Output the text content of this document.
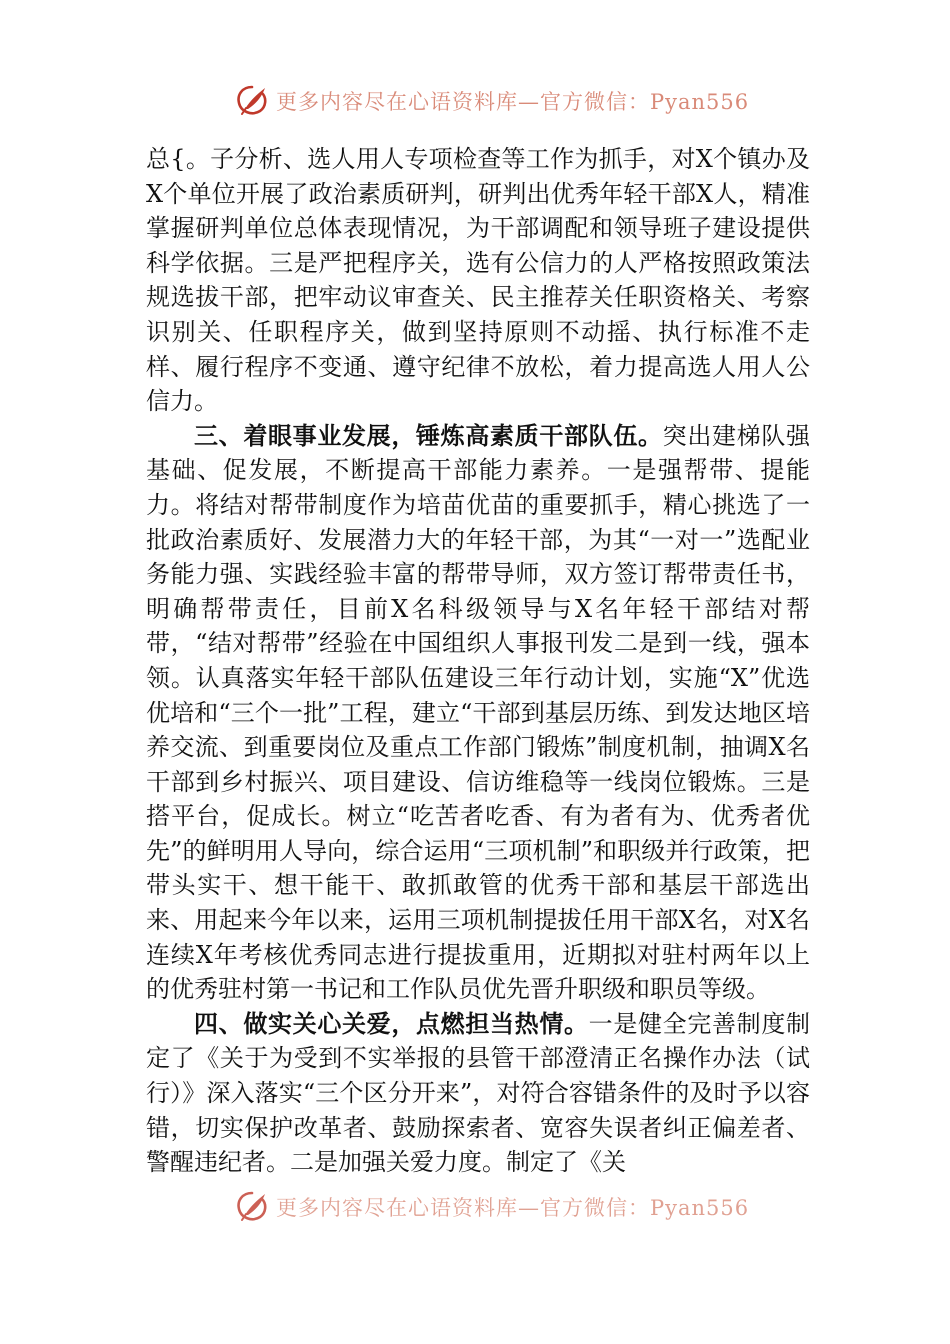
更多内容尽在心语资料库—官方微信：Pyan556

总{。子分析、选人用人专项检查等工作为抓手，对X个镇办及X个单位开展了政治素质研判，研判出优秀年轻干部X人，精准掌握研判单位总体表现情况，为干部调配和领导班子建设提供科学依据。三是严把程序关，选有公信力的人严格按照政策法规选拔干部，把牢动议审查关、民主推荐关任职资格关、考察识别关、任职程序关，做到坚持原则不动摇、执行标准不走样、履行程序不变通、遵守纪律不放松，着力提高选人用人公信力。

三、着眼事业发展，锤炼高素质干部队伍。突出建梯队强基础、促发展，不断提高干部能力素养。一是强帮带、提能力。将结对帮带制度作为培苗优苗的重要抓手，精心挑选了一批政治素质好、发展潜力大的年轻干部，为其“一对一”选配业务能力强、实践经验丰富的帮带导师，双方签订帮带责任书，明确帮带责任，目前X名科级领导与X名年轻干部结对帮带，“结对帮带”经验在中国组织人事报刊发二是到一线，强本领。认真落实年轻干部队伍建设三年行动计划，实施“X”优选优培和“三个一批”工程，建立“干部到基层历练、到发达地区培养交流、到重要岗位及重点工作部门锻炼”制度机制，抽调X名干部到乡村振兴、项目建设、信访维稳等一线岗位锻炼。三是搭平台，促成长。树立“吃苦者吃香、有为者有为、优秀者优先”的鲜明用人导向，综合运用“三项机制”和职级并行政策，把带头实干、想干能干、敢抓敢管的优秀干部和基层干部选出来、用起来今年以来，运用三项机制提拔任用干部X名，对X名连续X年考核优秀同志进行提拔重用，近期拟对驻村两年以上的优秀驻村第一书记和工作队员优先晋升职级和职员等级。

四、做实关心关爱，点燃担当热情。一是健全完善制度制定了《关于为受到不实举报的县管干部澄清正名操作办法（试行）》深入落实“三个区分开来”，对符合容错条件的及时予以容错，切实保护改革者、鼓励探索者、宽容失误者纠正偏差者、警醒违纪者。二是加强关爱力度。制定了《关

更多内容尽在心语资料库—官方微信：Pyan556
